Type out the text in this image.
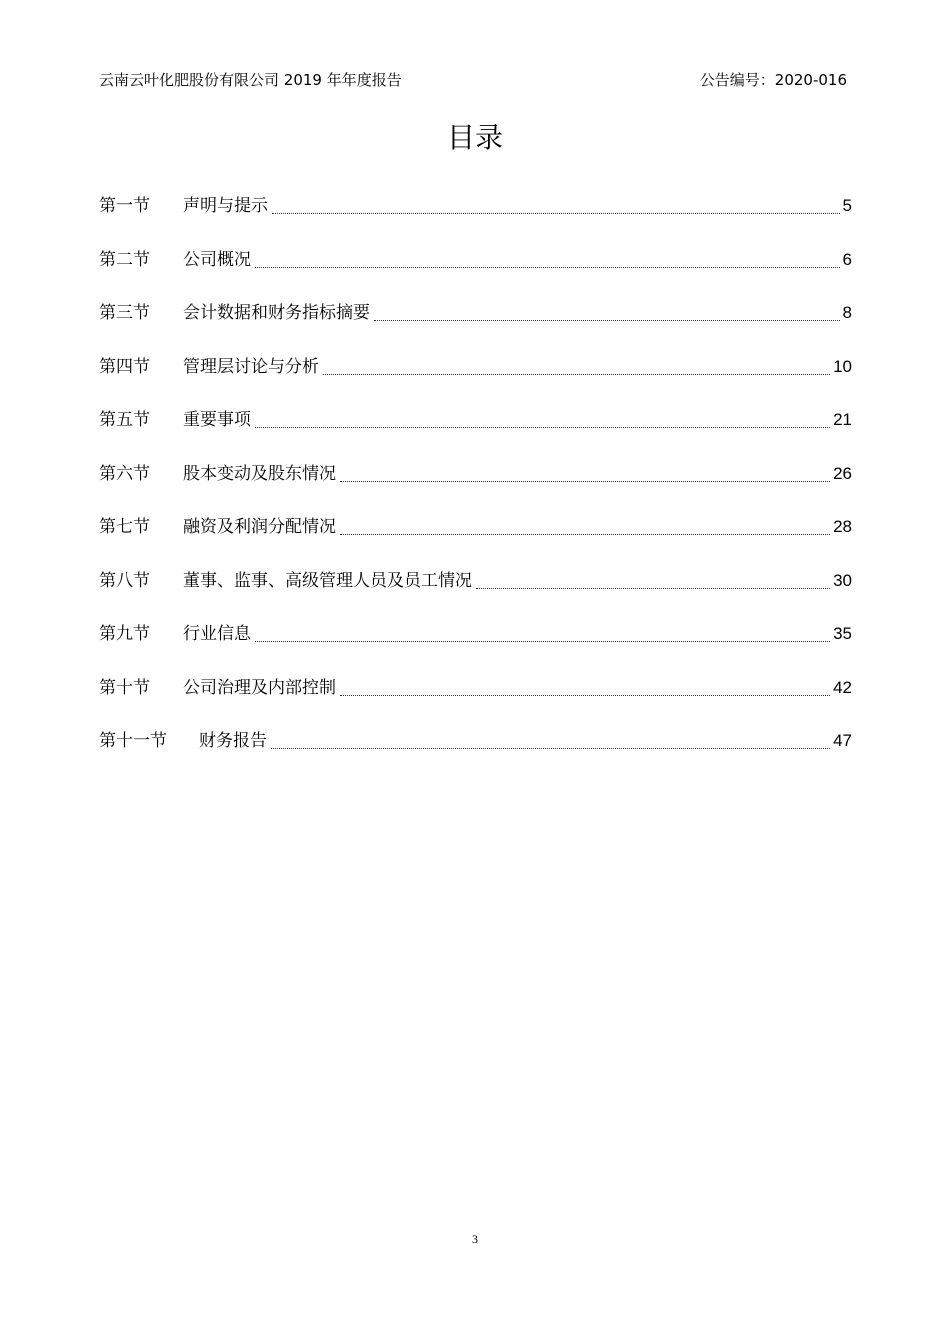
云南云叶化肥股份有限公司 2019 年年度报告	公告编号：2020-016
目录
第一节	声明与提示	5
第二节	公司概况	6
第三节	会计数据和财务指标摘要	8
第四节	管理层讨论与分析	10
第五节	重要事项	21
第六节	股本变动及股东情况	26
第七节	融资及利润分配情况	28
第八节	董事、监事、高级管理人员及员工情况	30
第九节	行业信息	35
第十节	公司治理及内部控制	42
第十一节	财务报告	47
3
